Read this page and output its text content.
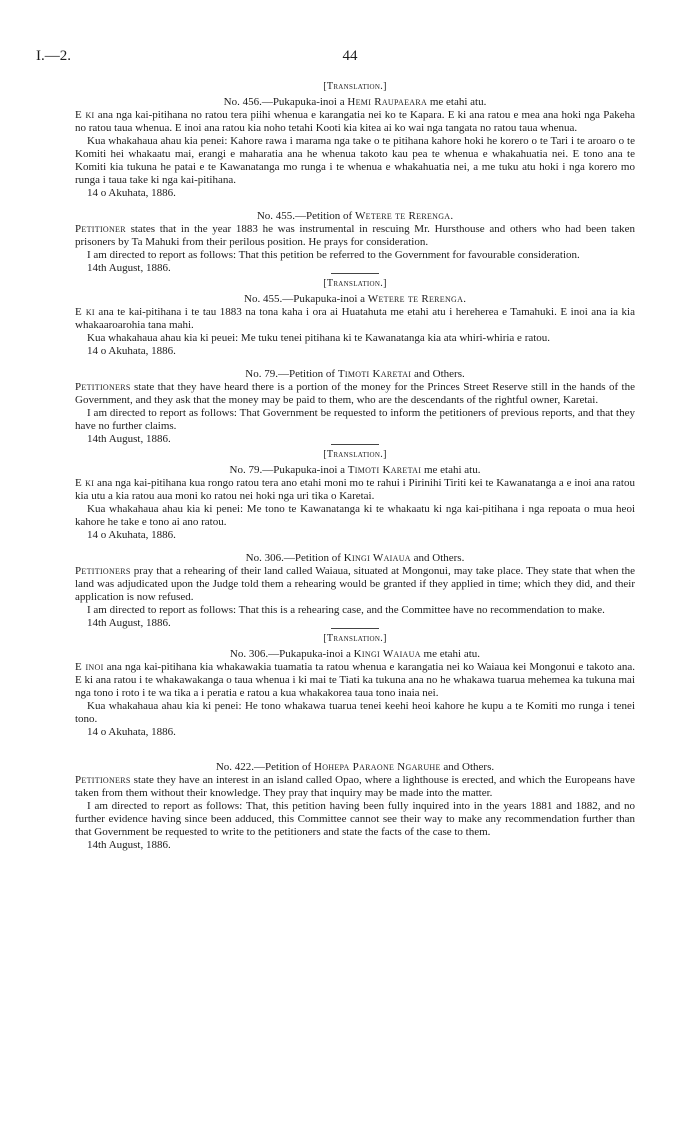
I.—2.	44

[Translation.]

No. 456.—Pukapuka-inoi a Hemi Raupaeara me etahi atu.

E ki ana nga kai-pitihana no ratou tera piihi whenua e karangatia nei ko te Kapara. E ki ana ratou e mea ana hoki nga Pakeha no ratou taua whenua. E inoi ana ratou kia noho tetahi Kooti kia kitea ai ko wai nga tangata no ratou taua whenua.

Kua whakahaua ahau kia penei: Kahore rawa i marama nga take o te pitihana kahore hoki he korero o te Tari i te aroaro o te Komiti hei whakaatu mai, erangi e maharatia ana he whenua takoto kau pea te whenua e whakahuatia nei. E tono ana te Komiti kia tukuna he patai e te Kawanatanga mo runga i te whenua e whakahuatia nei, a me tuku atu hoki i nga korero mo runga i taua take ki nga kai-pitihana.

14 o Akuhata, 1886.

No. 455.—Petition of Wetere te Rerenga.

Petitioner states that in the year 1883 he was instrumental in rescuing Mr. Hursthouse and others who had been taken prisoners by Ta Mahuki from their perilous position. He prays for consideration.

I am directed to report as follows: That this petition be referred to the Government for favourable consideration.

14th August, 1886.

[Translation.]

No. 455.—Pukapuka-inoi a Wetere te Rerenga.

E ki ana te kai-pitihana i te tau 1883 na tona kaha i ora ai Huatahuta me etahi atu i hereherea e Tamahuki. E inoi ana ia kia whakaaroarohia tana mahi.

Kua whakahaua ahau kia ki peuei: Me tuku tenei pitihana ki te Kawanatanga kia ata whiri-whiria e ratou.

14 o Akuhata, 1886.

No. 79.—Petition of Timoti Karetai and Others.

Petitioners state that they have heard there is a portion of the money for the Princes Street Reserve still in the hands of the Government, and they ask that the money may be paid to them, who are the descendants of the rightful owner, Karetai.

I am directed to report as follows: That Government be requested to inform the petitioners of previous reports, and that they have no further claims.

14th August, 1886.

[Translation.]

No. 79.—Pukapuka-inoi a Timoti Karetai me etahi atu.

E ki ana nga kai-pitihana kua rongo ratou tera ano etahi moni mo te rahui i Pirinihi Tiriti kei te Kawanatanga a e inoi ana ratou kia utu a kia ratou aua moni ko ratou nei hoki nga uri tika o Karetai.

Kua whakahaua ahau kia ki penei: Me tono te Kawanatanga ki te whakaatu ki nga kai-pitihana i nga repoata o mua heoi kahore he take e tono ai ano ratou.

14 o Akuhata, 1886.

No. 306.—Petition of Kingi Waiaua and Others.

Petitioners pray that a rehearing of their land called Waiaua, situated at Mongonui, may take place. They state that when the land was adjudicated upon the Judge told them a rehearing would be granted if they applied in time; which they did, and their application is now refused.

I am directed to report as follows: That this is a rehearing case, and the Committee have no recommendation to make.

14th August, 1886.

[Translation.]

No. 306.—Pukapuka-inoi a Kingi Waiaua me etahi atu.

E inoi ana nga kai-pitihana kia whakawakia tuamatia ta ratou whenua e karangatia nei ko Waiaua kei Mongonui e takoto ana. E ki ana ratou i te whakawakanga o taua whenua i ki mai te Tiati ka tukuna ana no he whakawa tuarua mehemea ka tukuna mai nga tono i roto i te wa tika a i peratia e ratou a kua whakakorea taua tono inaia nei.

Kua whakahaua ahau kia ki penei: He tono whakawa tuarua tenei keehi heoi kahore he kupu a te Komiti mo runga i tenei tono.

14 o Akuhata, 1886.

No. 422.—Petition of Hohepa Paraone Ngaruhe and Others.

Petitioners state they have an interest in an island called Opao, where a lighthouse is erected, and which the Europeans have taken from them without their knowledge. They pray that inquiry may be made into the matter.

I am directed to report as follows: That, this petition having been fully inquired into in the years 1881 and 1882, and no further evidence having since been adduced, this Committee cannot see their way to make any recommendation further than that Government be requested to write to the petitioners and state the facts of the case to them.

14th August, 1886.
